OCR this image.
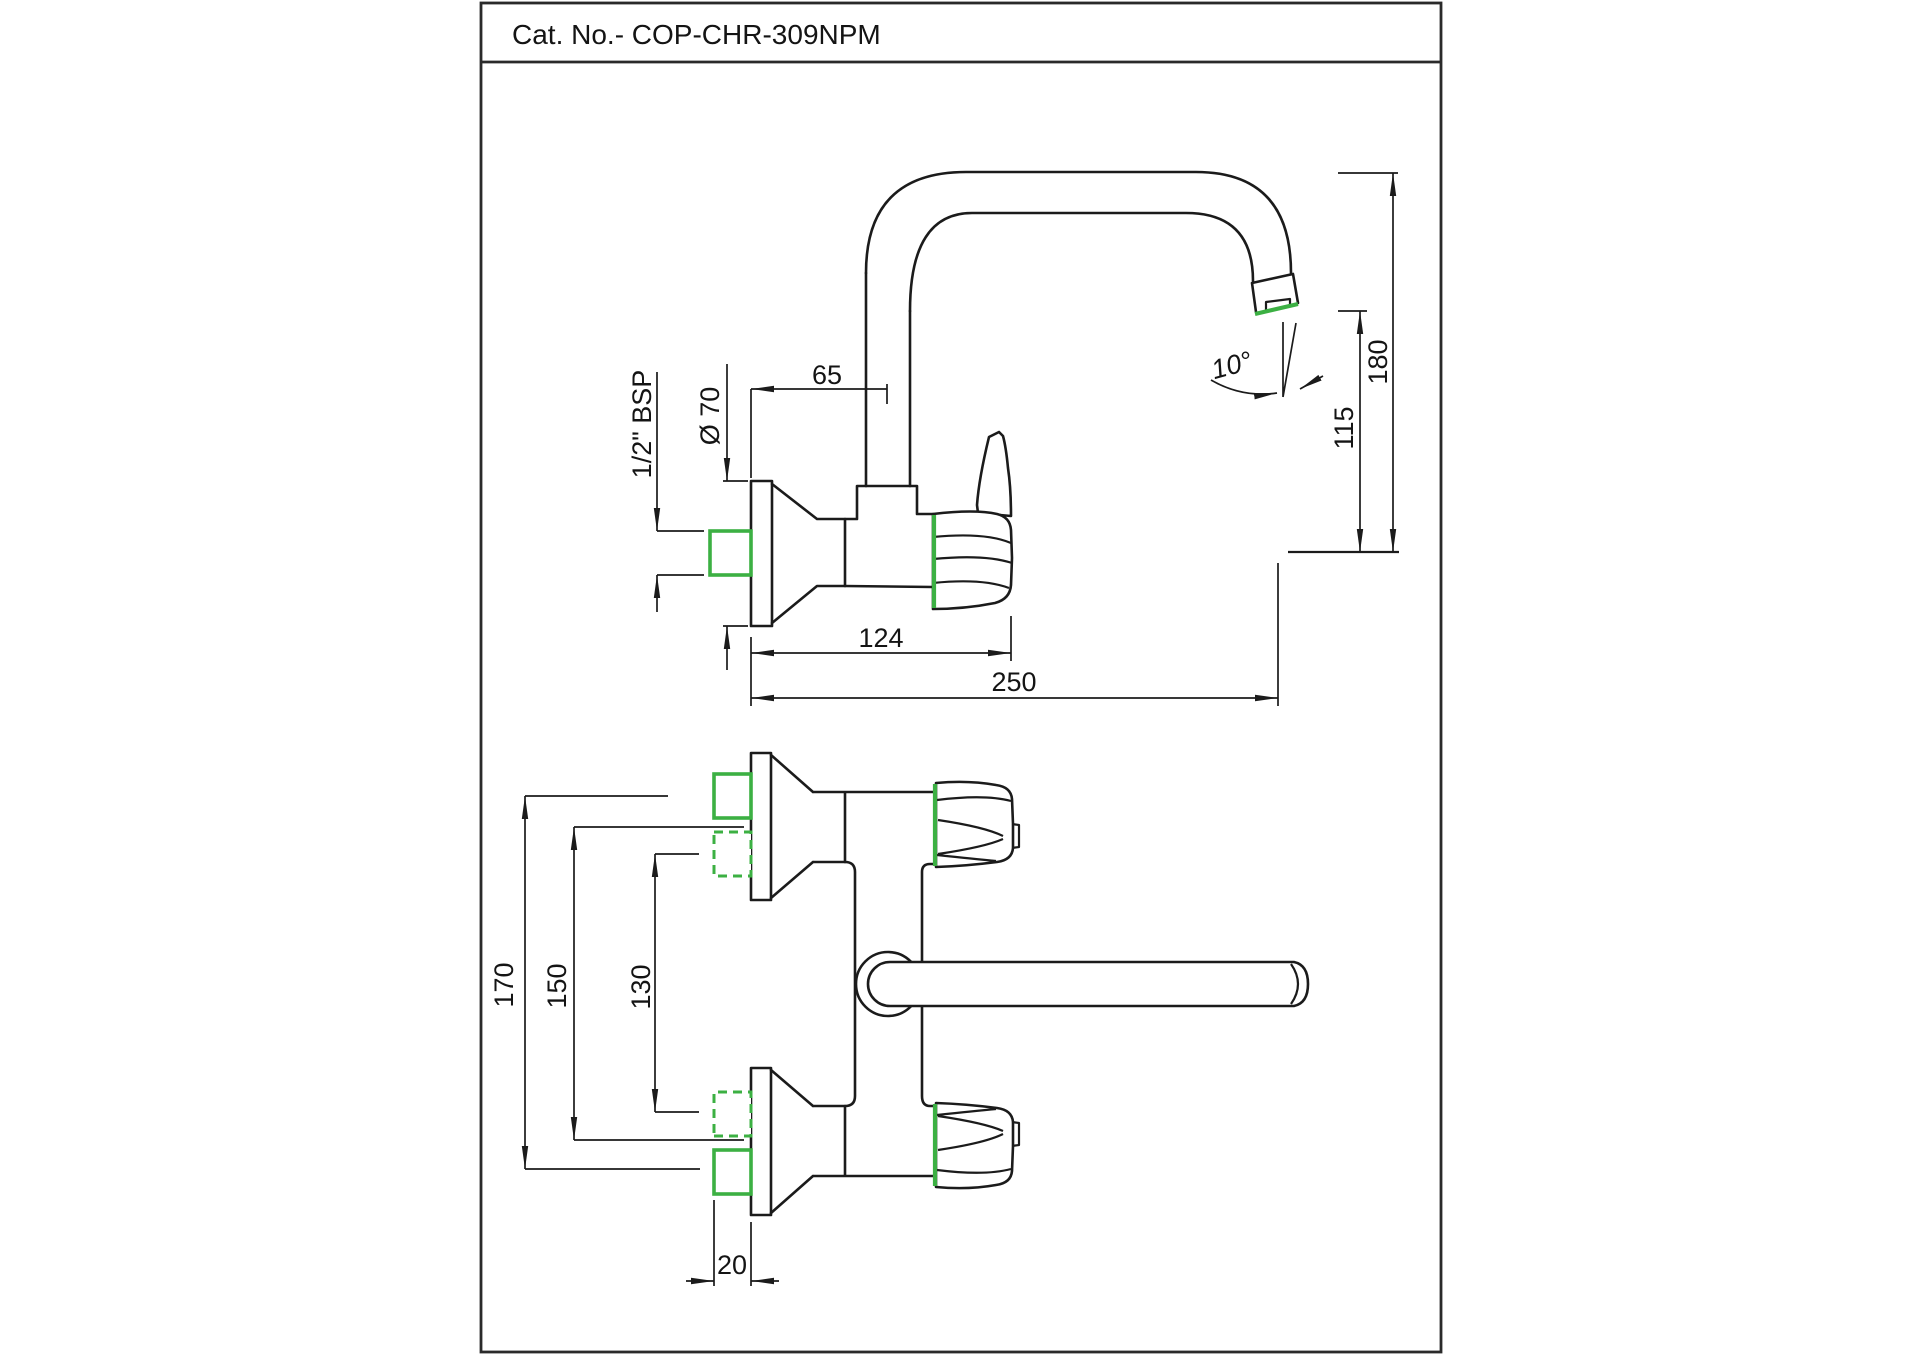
Cat. No.- COP-CHR-309NPM
65
Ø 70
1/2" BSP
124
250
115
180
10°
170 150 130
20
